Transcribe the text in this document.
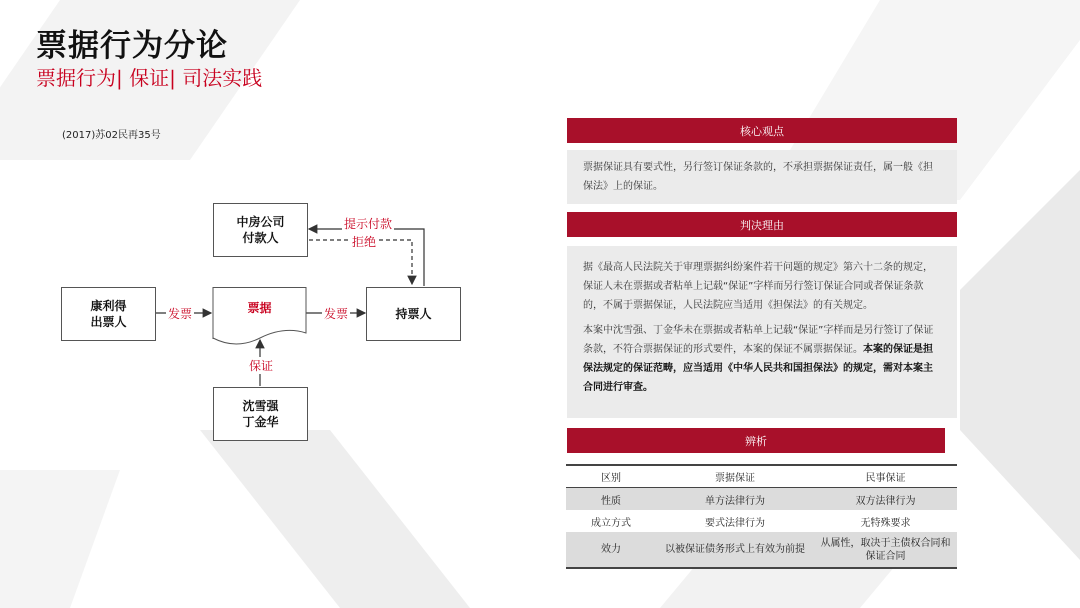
票据行为分论
票据行为| 保证| 司法实践
(2017)苏02民再35号
中房公司
付款人
康利得
出票人
票据	持票人
沈雪强
丁金华
提示付款
拒绝
发票	发票
保证
核心观点

票据保证具有要式性，另行签订保证条款的，不承担票据保证责任，属一般《担保法》上的保证。

判决理由

据《最高人民法院关于审理票据纠纷案件若干问题的规定》第六十二条的规定，保证人未在票据或者粘单上记载“保证”字样而另行签订保证合同或者保证条款的，不属于票据保证，人民法院应当适用《担保法》的有关规定。

本案中沈雪强、丁金华未在票据或者粘单上记载“保证”字样而是另行签订了保证条款，不符合票据保证的形式要件，本案的保证不属票据保证。本案的保证是担保法规定的保证范畴，应当适用《中华人民共和国担保法》的规定，需对本案主合同进行审查。

辨析
区别	票据保证	民事保证
性质	单方法律行为	双方法律行为
成立方式	要式法律行为	无特殊要求
效力	以被保证债务形式上有效为前提	从属性，取决于主债权合同和保证合同
